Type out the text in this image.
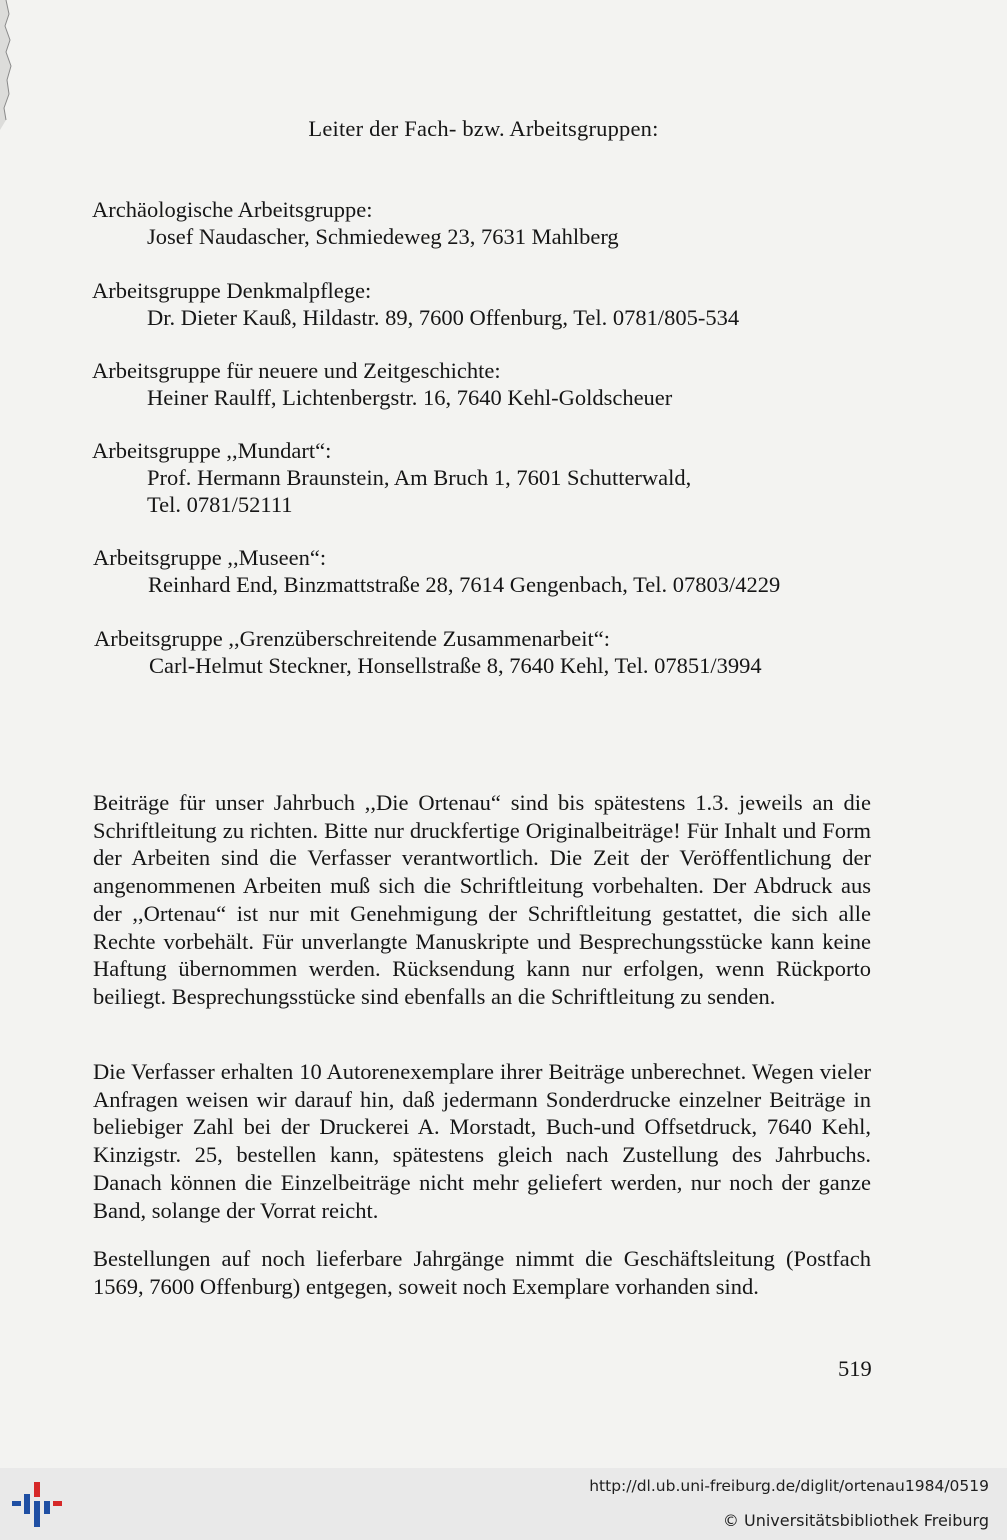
Leiter der Fach- bzw. Arbeitsgruppen:
Archäologische Arbeitsgruppe:
Josef Naudascher, Schmiedeweg 23, 7631 Mahlberg
Arbeitsgruppe Denkmalpflege:
Dr. Dieter Kauß, Hildastr. 89, 7600 Offenburg, Tel. 0781/805-534
Arbeitsgruppe für neuere und Zeitgeschichte:
Heiner Raulff, Lichtenbergstr. 16, 7640 Kehl-Goldscheuer
Arbeitsgruppe ,,Mundart“:
Prof. Hermann Braunstein, Am Bruch 1, 7601 Schutterwald,
Tel. 0781/52111
Arbeitsgruppe ,,Museen“:
Reinhard End, Binzmattstraße 28, 7614 Gengenbach, Tel. 07803/4229
Arbeitsgruppe ,,Grenzüberschreitende Zusammenarbeit“:
Carl-Helmut Steckner, Honsellstraße 8, 7640 Kehl, Tel. 07851/3994

Beiträge für unser Jahrbuch ,,Die Ortenau“ sind bis spätestens 1.3. jeweils an die Schriftleitung zu richten. Bitte nur druckfertige Originalbeiträge! Für Inhalt und Form der Arbeiten sind die Verfasser verantwortlich. Die Zeit der Veröffentlichung der angenommenen Arbeiten muß sich die Schriftleitung vorbehalten. Der Abdruck aus der ,,Ortenau“ ist nur mit Genehmigung der Schriftleitung gestattet, die sich alle Rechte vorbehält. Für unverlangte Manuskripte und Besprechungsstücke kann keine Haftung übernommen werden. Rücksendung kann nur erfolgen, wenn Rückporto beiliegt. Besprechungsstücke sind ebenfalls an die Schriftleitung zu senden.

Die Verfasser erhalten 10 Autorenexemplare ihrer Beiträge unberechnet. Wegen vieler Anfragen weisen wir darauf hin, daß jedermann Sonderdrucke einzelner Beiträge in beliebiger Zahl bei der Druckerei A. Morstadt, Buch-und Offsetdruck, 7640 Kehl, Kinzigstr. 25, bestellen kann, spätestens gleich nach Zustellung des Jahrbuchs. Danach können die Einzelbeiträge nicht mehr geliefert werden, nur noch der ganze Band, solange der Vorrat reicht.

Bestellungen auf noch lieferbare Jahrgänge nimmt die Geschäftsleitung (Postfach 1569, 7600 Offenburg) entgegen, soweit noch Exemplare vorhanden sind.

519
http://dl.ub.uni-freiburg.de/diglit/ortenau1984/0519
© Universitätsbibliothek Freiburg
